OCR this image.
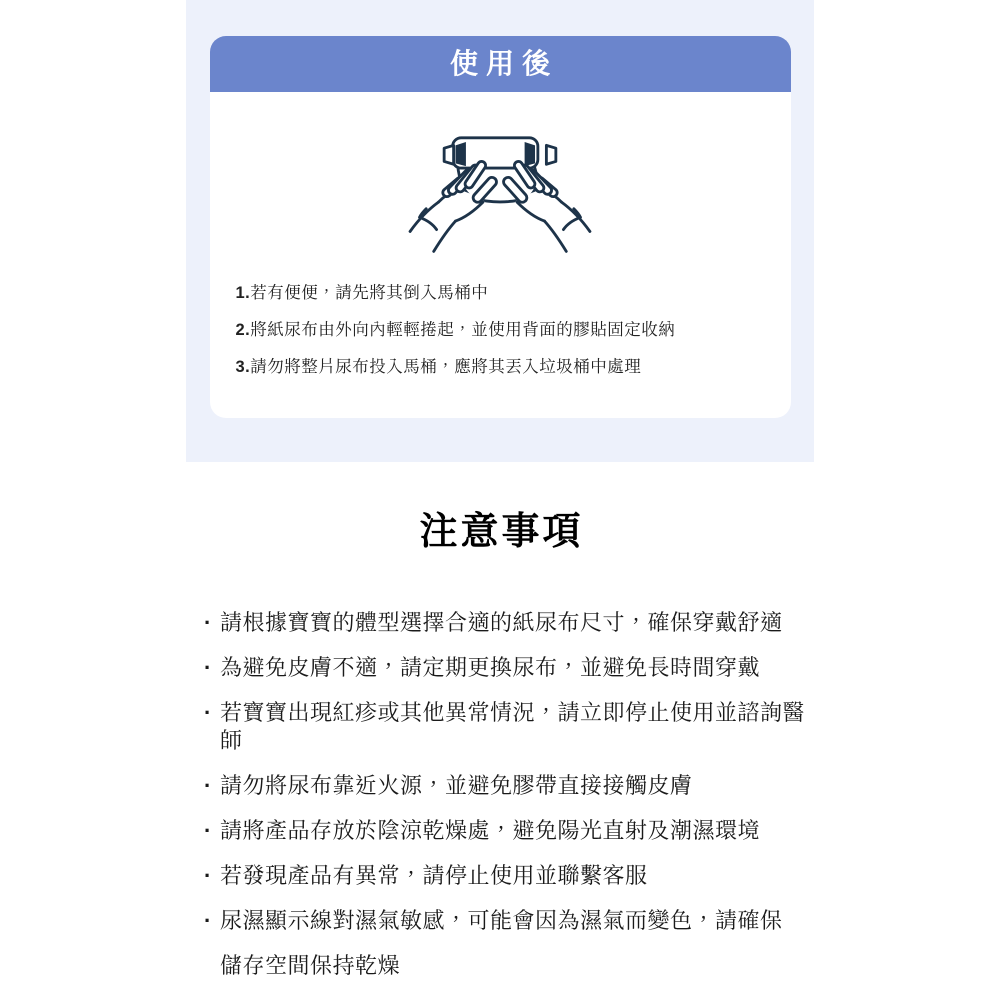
使用後
1.若有便便，請先將其倒入馬桶中
2.將紙尿布由外向內輕輕捲起，並使用背面的膠貼固定收納
3.請勿將整片尿布投入馬桶，應將其丟入垃圾桶中處理
注意事項
· 請根據寶寶的體型選擇合適的紙尿布尺寸，確保穿戴舒適
· 為避免皮膚不適，請定期更換尿布，並避免長時間穿戴
· 若寶寶出現紅疹或其他異常情況，請立即停止使用並諮詢醫師
· 請勿將尿布靠近火源，並避免膠帶直接接觸皮膚
· 請將產品存放於陰涼乾燥處，避免陽光直射及潮濕環境
· 若發現產品有異常，請停止使用並聯繫客服
· 尿濕顯示線對濕氣敏感，可能會因為濕氣而變色，請確保
儲存空間保持乾燥
